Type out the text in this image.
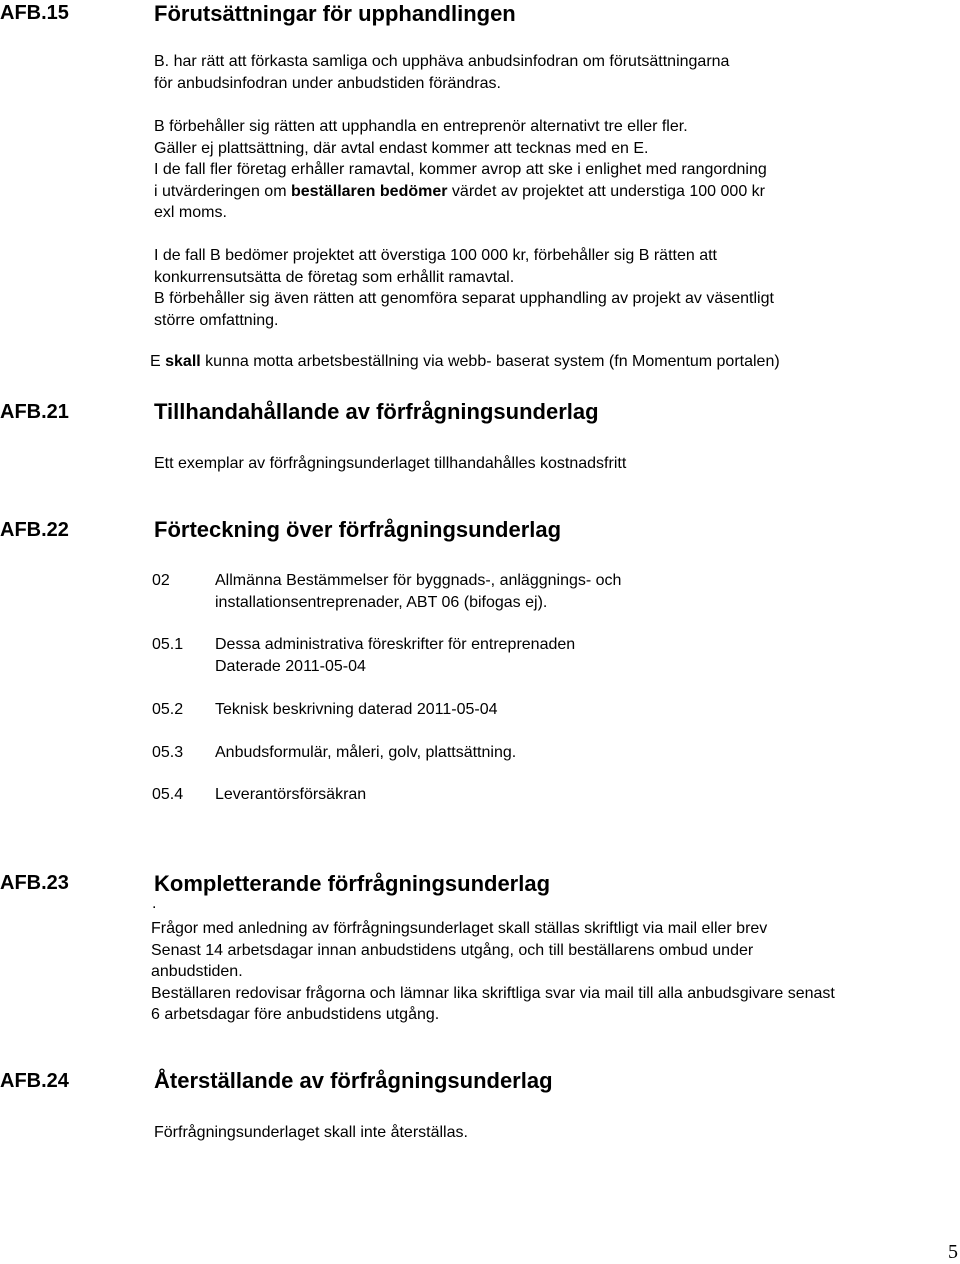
AFB.15	Förutsättningar för upphandlingen
B. har rätt att förkasta samliga och upphäva anbudsinfodran om förutsättningarna
för anbudsinfodran under anbudstiden förändras.
B förbehåller sig rätten att upphandla en entreprenör alternativt tre eller fler.
Gäller ej plattsättning, där avtal endast kommer att tecknas med en E.
I de fall fler företag erhåller ramavtal, kommer avrop att ske i enlighet med rangordning
i utvärderingen om beställaren bedömer värdet av projektet att understiga 100 000 kr
exl moms.
I de fall B bedömer projektet att överstiga 100 000 kr, förbehåller sig B rätten att
konkurrensutsätta de företag som erhållit ramavtal.
B förbehåller sig även rätten att genomföra separat upphandling av projekt av väsentligt
större omfattning.
E skall kunna motta arbetsbeställning via webb- baserat system (fn Momentum portalen)
AFB.21	Tillhandahållande av förfrågningsunderlag
Ett exemplar av förfrågningsunderlaget tillhandahålles kostnadsfritt
AFB.22	Förteckning över förfrågningsunderlag
02	Allmänna Bestämmelser för byggnads-, anläggnings- och
installationsentreprenader, ABT 06 (bifogas ej).
05.1 Dessa administrativa föreskrifter för entreprenaden
Daterade 2011-05-04
05.2 Teknisk beskrivning daterad 2011-05-04
05.3 Anbudsformulär, måleri, golv, plattsättning.
05.4 Leverantörsförsäkran
AFB.23	Kompletterande förfrågningsunderlag
.
Frågor med anledning av förfrågningsunderlaget skall ställas skriftligt via mail eller brev
Senast 14 arbetsdagar innan anbudstidens utgång, och till beställarens ombud under
anbudstiden.
Beställaren redovisar frågorna och lämnar lika skriftliga svar via mail till alla anbudsgivare senast
6 arbetsdagar före anbudstidens utgång.
AFB.24	Återställande av förfrågningsunderlag
Förfrågningsunderlaget skall inte återställas.
5
